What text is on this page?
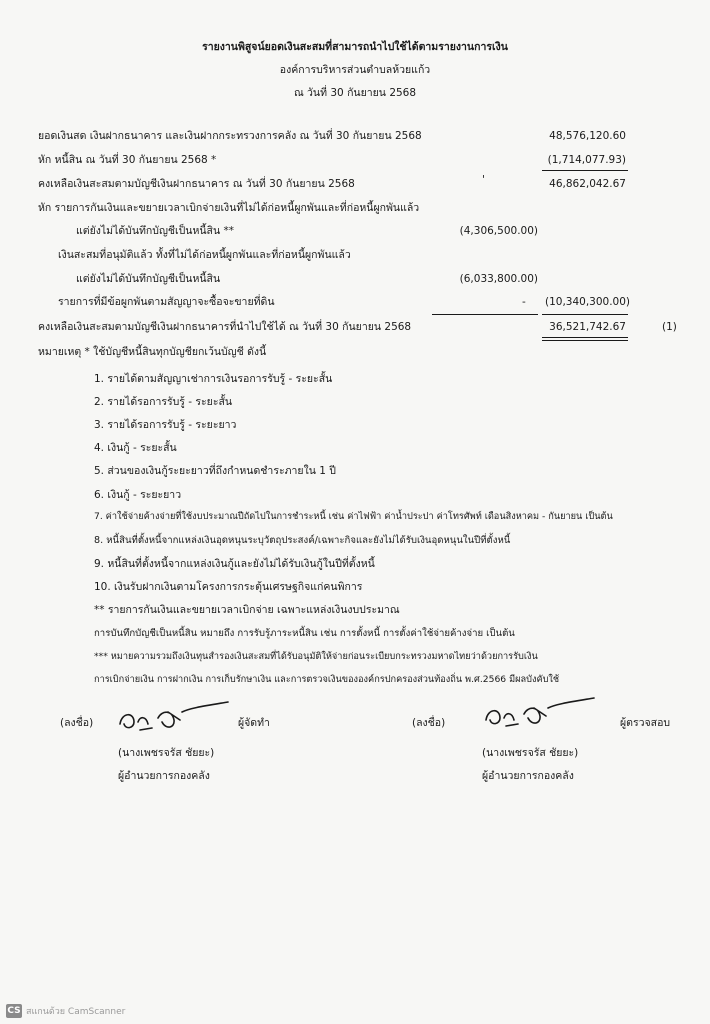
รายงานพิสูจน์ยอดเงินสะสมที่สามารถนำไปใช้ได้ตามรายงานการเงิน
องค์การบริหารส่วนตำบลห้วยแก้ว
ณ วันที่ 30 กันยายน 2568
ยอดเงินสด เงินฝากธนาคาร และเงินฝากกระทรวงการคลัง ณ วันที่ 30 กันยายน 2568	48,576,120.60
หัก หนี้สิน ณ วันที่ 30 กันยายน 2568 *	(1,714,077.93)
คงเหลือเงินสะสมตามบัญชีเงินฝากธนาคาร ณ วันที่ 30 กันยายน 2568	'	46,862,042.67
หัก รายการกันเงินและขยายเวลาเบิกจ่ายเงินที่ไม่ได้ก่อหนี้ผูกพันและที่ก่อหนี้ผูกพันแล้ว
แต่ยังไม่ได้บันทึกบัญชีเป็นหนี้สิน **	(4,306,500.00)
เงินสะสมที่อนุมัติแล้ว ทั้งที่ไม่ได้ก่อหนี้ผูกพันและที่ก่อหนี้ผูกพันแล้ว
แต่ยังไม่ได้บันทึกบัญชีเป็นหนี้สิน	(6,033,800.00)
รายการที่มีข้อผูกพันตามสัญญาจะซื้อจะขายที่ดิน	-	(10,340,300.00)
คงเหลือเงินสะสมตามบัญชีเงินฝากธนาคารที่นำไปใช้ได้ ณ วันที่ 30 กันยายน 2568	36,521,742.67	(1)
หมายเหตุ * ใช้บัญชีหนี้สินทุกบัญชียกเว้นบัญชี ดังนี้
1. รายได้ตามสัญญาเช่าการเงินรอการรับรู้ - ระยะสั้น
2. รายได้รอการรับรู้ - ระยะสั้น
3. รายได้รอการรับรู้ - ระยะยาว
4. เงินกู้ - ระยะสั้น
5. ส่วนของเงินกู้ระยะยาวที่ถึงกำหนดชำระภายใน 1 ปี
6. เงินกู้ - ระยะยาว
7. ค่าใช้จ่ายค้างจ่ายที่ใช้งบประมาณปีถัดไปในการชำระหนี้ เช่น ค่าไฟฟ้า ค่าน้ำประปา ค่าโทรศัพท์ เดือนสิงหาคม - กันยายน เป็นต้น
8. หนี้สินที่ตั้งหนี้จากแหล่งเงินอุดหนุนระบุวัตถุประสงค์/เฉพาะกิจและยังไม่ได้รับเงินอุดหนุนในปีที่ตั้งหนี้
9. หนี้สินที่ตั้งหนี้จากแหล่งเงินกู้และยังไม่ได้รับเงินกู้ในปีที่ตั้งหนี้
10. เงินรับฝากเงินตามโครงการกระตุ้นเศรษฐกิจแก่คนพิการ
** รายการกันเงินและขยายเวลาเบิกจ่าย เฉพาะแหล่งเงินงบประมาณ
การบันทึกบัญชีเป็นหนี้สิน หมายถึง การรับรู้ภาระหนี้สิน เช่น การตั้งหนี้ การตั้งค่าใช้จ่ายค้างจ่าย เป็นต้น
*** หมายความรวมถึงเงินทุนสำรองเงินสะสมที่ได้รับอนุมัติให้จ่ายก่อนระเบียบกระทรวงมหาดไทยว่าด้วยการรับเงิน
การเบิกจ่ายเงิน การฝากเงิน การเก็บรักษาเงิน และการตรวจเงินขององค์กรปกครองส่วนท้องถิ่น พ.ศ.2566 มีผลบังคับใช้
(ลงชื่อ)	ผู้จัดทำ
(นางเพชรจรัส ชัยยะ)
ผู้อำนวยการกองคลัง
(ลงชื่อ)	ผู้ตรวจสอบ
(นางเพชรจรัส ชัยยะ)
ผู้อำนวยการกองคลัง
CS สแกนด้วย CamScanner
